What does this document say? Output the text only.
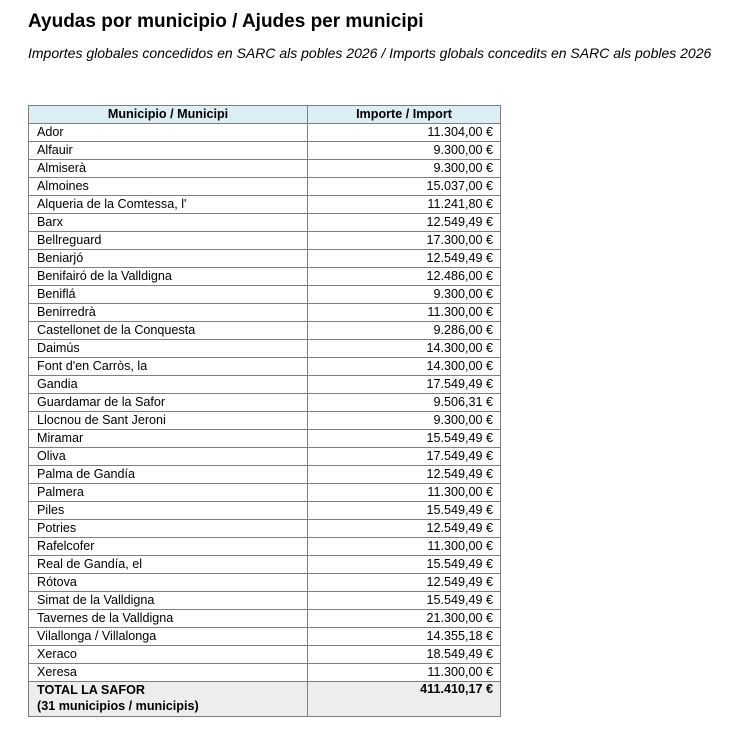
Ayudas por municipio / Ajudes per municipi
Importes globales concedidos en SARC als pobles 2026 / Imports globals concedits en SARC als pobles 2026
Municipio / Municipi	Importe / Import
Ador	11.304,00 €
Alfauir	9.300,00 €
Almiserà	9.300,00 €
Almoines	15.037,00 €
Alqueria de la Comtessa, l'	11.241,80 €
Barx	12.549,49 €
Bellreguard	17.300,00 €
Beniarjó	12.549,49 €
Benifairó de la Valldigna	12.486,00 €
Beniflá	9.300,00 €
Benirredrà	11.300,00 €
Castellonet de la Conquesta	9.286,00 €
Daimús	14.300,00 €
Font d'en Carròs, la	14.300,00 €
Gandia	17.549,49 €
Guardamar de la Safor	9.506,31 €
Llocnou de Sant Jeroni	9.300,00 €
Miramar	15.549,49 €
Oliva	17.549,49 €
Palma de Gandía	12.549,49 €
Palmera	11.300,00 €
Piles	15.549,49 €
Potries	12.549,49 €
Rafelcofer	11.300,00 €
Real de Gandía, el	15.549,49 €
Rótova	12.549,49 €
Simat de la Valldigna	15.549,49 €
Tavernes de la Valldigna	21.300,00 €
Vilallonga / Villalonga	14.355,18 €
Xeraco	18.549,49 €
Xeresa	11.300,00 €

TOTAL LA SAFOR
(31 municipios / municipis)	411.410,17 €
